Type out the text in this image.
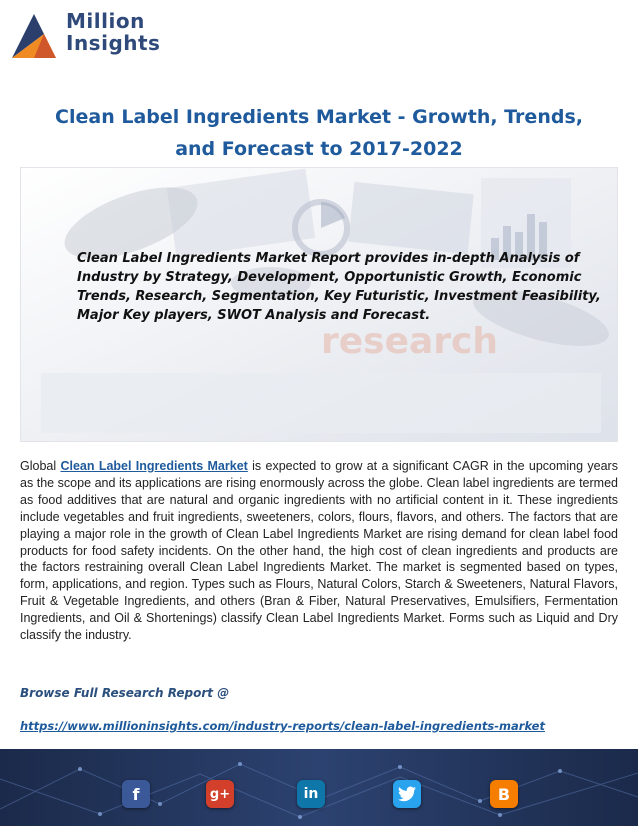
Million
Insights
Clean Label Ingredients Market - Growth, Trends, and Forecast to 2017-2022
research
Clean Label Ingredients Market Report provides in-depth Analysis of Industry by Strategy, Development, Opportunistic Growth, Economic Trends, Research, Segmentation, Key Futuristic, Investment Feasibility, Major Key players, SWOT Analysis and Forecast.

Global Clean Label Ingredients Market is expected to grow at a significant CAGR in the upcoming years as the scope and its applications are rising enormously across the globe. Clean label ingredients are termed as food additives that are natural and organic ingredients with no artificial content in it. These ingredients include vegetables and fruit ingredients, sweeteners, colors, flours, flavors, and others. The factors that are playing a major role in the growth of Clean Label Ingredients Market are rising demand for clean label food products for food safety incidents. On the other hand, the high cost of clean ingredients and products are the factors restraining overall Clean Label Ingredients Market. The market is segmented based on types, form, applications, and region. Types such as Flours, Natural Colors, Starch & Sweeteners, Natural Flavors, Fruit & Vegetable Ingredients, and others (Bran & Fiber, Natural Preservatives, Emulsifiers, Fermentation Ingredients, and Oil & Shortenings) classify Clean Label Ingredients Market. Forms such as Liquid and Dry classify the industry.

Browse Full Research Report @
https://www.millioninsights.com/industry-reports/clean-label-ingredients-market
f	g+	in	B
